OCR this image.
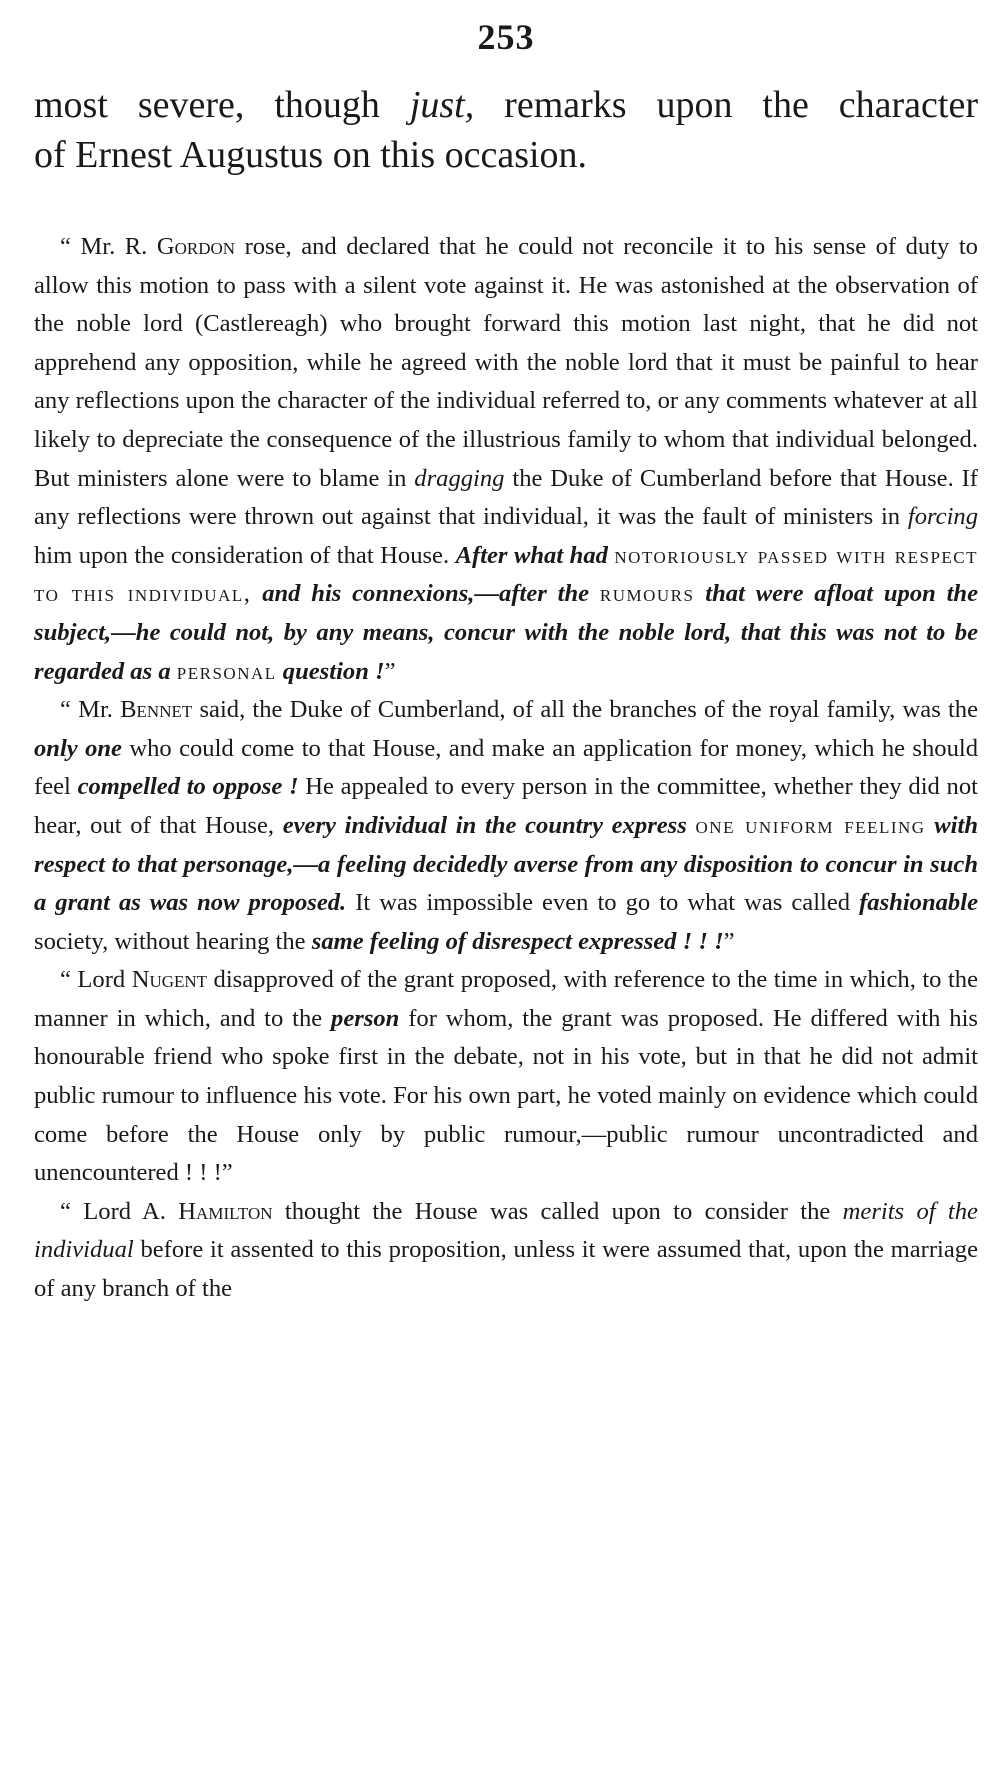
253

most severe, though just, remarks upon the character
of Ernest Augustus on this occasion.

“ Mr. R. Gordon rose, and declared that he could not reconcile it to his sense of duty to allow this motion to pass with a silent vote against it. He was astonished at the observation of the noble lord (Castlereagh) who brought forward this motion last night, that he did not apprehend any opposition, while he agreed with the noble lord that it must be painful to hear any reflections upon the character of the individual referred to, or any comments whatever at all likely to depreciate the consequence of the illustrious family to whom that individual belonged. But ministers alone were to blame in dragging the Duke of Cumberland before that House. If any reflections were thrown out against that individual, it was the fault of ministers in forcing him upon the consideration of that House. After what had notoriously passed with respect to this individual, and his connexions,—after the rumours that were afloat upon the subject,—he could not, by any means, concur with the noble lord, that this was not to be regarded as a personal question !”

“ Mr. Bennet said, the Duke of Cumberland, of all the branches of the royal family, was the only one who could come to that House, and make an application for money, which he should feel compelled to oppose ! He appealed to every person in the committee, whether they did not hear, out of that House, every individual in the country express one uniform feeling with respect to that personage,—a feeling decidedly averse from any disposition to concur in such a grant as was now proposed. It was impossible even to go to what was called fashionable society, without hearing the same feeling of disrespect expressed ! ! !”

“ Lord Nugent disapproved of the grant proposed, with reference to the time in which, to the manner in which, and to the person for whom, the grant was proposed. He differed with his honourable friend who spoke first in the debate, not in his vote, but in that he did not admit public rumour to influence his vote. For his own part, he voted mainly on evidence which could come before the House only by public rumour,—public rumour uncontradicted and unencountered ! ! !”

“ Lord A. Hamilton thought the House was called upon to consider the merits of the individual before it assented to this proposition, unless it were assumed that, upon the marriage of any branch of the
